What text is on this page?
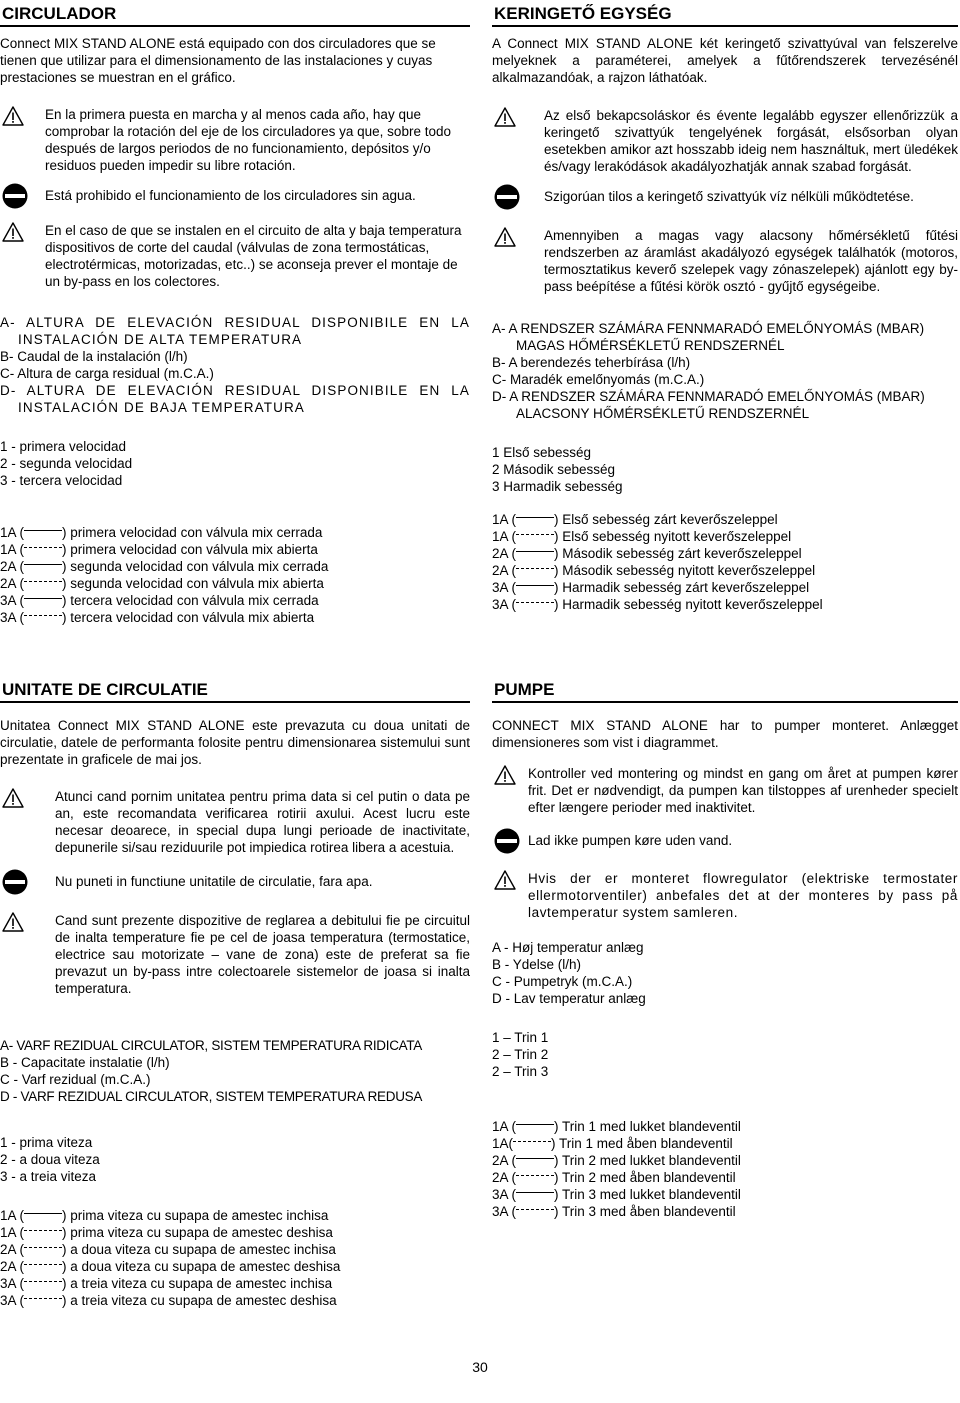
CIRCULADOR
Connect MIX STAND ALONE está equipado con dos circuladores que se tienen que utilizar para el dimensionamento de las instalaciones y cuyas prestaciones se muestran en el gráfico.
En la primera puesta en marcha y al menos cada año, hay que comprobar la rotación del eje de los circuladores ya que, sobre todo después de largos periodos de no funcionamiento, depósitos y/o residuos pueden impedir su libre rotación.
Está prohibido el funcionamiento de los circuladores sin agua.
En el caso de que se instalen en el circuito de alta y baja temperatura dispositivos de corte del caudal (válvulas de zona termostáticas, electrotérmicas, motorizadas, etc..) se aconseja prever el montaje de un by-pass en los colectores.
A- ALTURA DE ELEVACIÓN RESIDUAL DISPONIBILE EN LA INSTALACIÓN DE ALTA TEMPERATURA
B- Caudal de la instalación (l/h)
C- Altura de carga residual (m.C.A.)
D- ALTURA DE ELEVACIÓN RESIDUAL DISPONIBILE EN LA INSTALACIÓN DE BAJA TEMPERATURA
1 - primera velocidad
2 - segunda velocidad
3 - tercera velocidad
1A (	) primera velocidad con válvula mix cerrada
1A (	) primera velocidad con válvula mix abierta
2A (	) segunda velocidad con válvula mix cerrada
2A (	) segunda velocidad con válvula mix abierta
3A (	) tercera velocidad con válvula mix cerrada
3A (	) tercera velocidad con válvula mix abierta
KERINGETŐ EGYSÉG
A Connect MIX STAND ALONE két keringető szivattyúval van felszerelve melyeknek a paraméterei, amelyek a fűtőrendszerek tervezésénél alkalmazandóak, a rajzon láthatóak.
Az első bekapcsoláskor és évente legalább egyszer ellenőrizzük a keringető szivattyúk tengelyének forgását, elsősorban olyan esetekben amikor azt hosszabb ideig nem használtuk, mert üledékek és/vagy lerakódások akadályozhatják annak szabad forgását.
Szigorúan tilos a keringető szivattyúk víz nélküli működtetése.
Amennyiben a magas vagy alacsony hőmérsékletű fűtési rendszerben az áramlást akadályozó egységek találhatók (motoros, termosztatikus keverő szelepek vagy zónaszelepek) ajánlott egy by-pass beépítése a fűtési körök osztó - gyűjtő egységeibe.
A- A RENDSZER SZÁMÁRA FENNMARADÓ EMELŐNYOMÁS (MBAR) MAGAS HŐMÉRSÉKLETŰ RENDSZERNÉL
B- A berendezés teherbírása (l/h)
C- Maradék emelőnyomás (m.C.A.)
D- A RENDSZER SZÁMÁRA FENNMARADÓ EMELŐNYOMÁS (MBAR) ALACSONY HŐMÉRSÉKLETŰ RENDSZERNÉL
1 Első sebesség
2 Második sebesség
3 Harmadik sebesség
1A (	) Első sebesség zárt keverőszeleppel
1A (	) Első sebesség nyitott keverőszeleppel
2A (	) Második sebesség zárt keverőszeleppel
2A (	) Második sebesség nyitott keverőszeleppel
3A (	) Harmadik sebesség zárt keverőszeleppel
3A (	) Harmadik sebesség nyitott keverőszeleppel
UNITATE DE CIRCULATIE
Unitatea Connect MIX STAND ALONE este prevazuta cu doua unitati de circulatie, datele de performanta folosite pentru dimensionarea sistemului sunt prezentate in graficele de mai jos.
Atunci cand pornim unitatea pentru prima data si cel putin o data pe an, este recomandata verificarea rotirii axului. Acest lucru este necesar deoarece, in special dupa lungi perioade de inactivitate, depunerile si/sau reziduurile pot impiedica rotirea libera a acestuia.
Nu puneti in functiune unitatile de circulatie, fara apa.
Cand sunt prezente dispozitive de reglarea a debitului fie pe circuitul de inalta temperature fie pe cel de joasa temperatura (termostatice, electrice sau motorizate – vane de zona) este de preferat sa fie prevazut un by-pass intre colectoarele sistemelor de joasa si inalta temperatura.
A- VARF REZIDUAL CIRCULATOR, SISTEM TEMPERATURA RIDICATA
B - Capacitate instalatie (l/h)
C - Varf rezidual (m.C.A.)
D - VARF REZIDUAL CIRCULATOR, SISTEM TEMPERATURA REDUSA
1 - prima viteza
2 - a doua viteza
3 - a treia viteza
1A (	) prima viteza cu supapa de amestec inchisa
1A (	) prima viteza cu supapa de amestec deshisa
2A (	) a doua viteza cu supapa de amestec inchisa
2A (	) a doua viteza cu supapa de amestec deshisa
3A (	) a treia viteza cu supapa de amestec inchisa
3A (	) a treia viteza cu supapa de amestec deshisa
PUMPE
CONNECT MIX STAND ALONE har to pumper monteret. Anlægget dimensioneres som vist i diagrammet.
Kontroller ved montering og mindst en gang om året at pumpen kører frit. Det er nødvendigt, da pumpen kan tilstoppes af urenheder specielt efter længere perioder med inaktivitet.
Lad ikke pumpen køre uden vand.
Hvis der er monteret flowregulator (elektriske termostater ellermotorventiler) anbefales det at der monteres by pass på lavtemperatur system samleren.
A - Høj temperatur anlæg
B - Ydelse (l/h)
C - Pumpetryk (m.C.A.)
D - Lav temperatur anlæg
1 – Trin 1
2 – Trin 2
2 – Trin 3
1A (	) Trin 1 med lukket blandeventil
1A(	) Trin 1 med åben blandeventil
2A (	) Trin 2 med lukket blandeventil
2A (	) Trin 2 med åben blandeventil
3A (	) Trin 3 med lukket blandeventil
3A (	) Trin 3 med åben blandeventil
30
